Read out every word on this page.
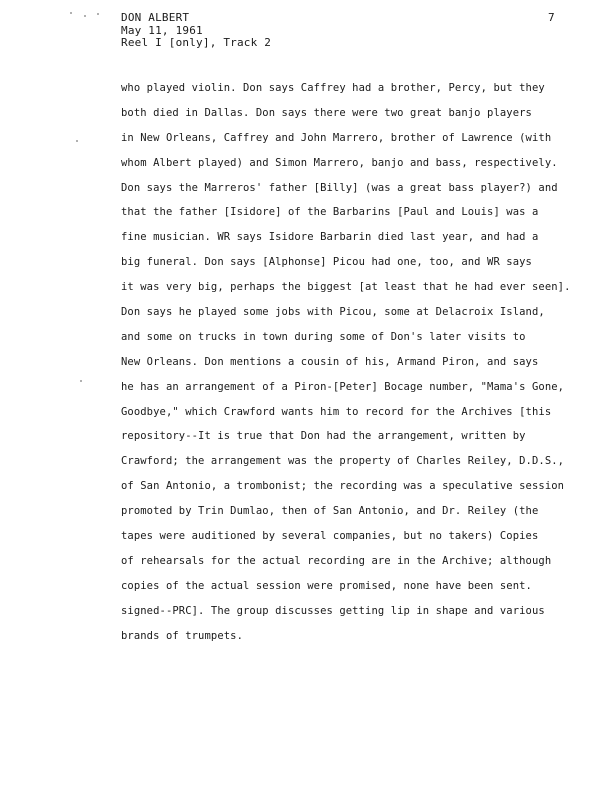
DON ALBERT
May 11, 1961
Reel I [only], Track 2
7
who played violin. Don says Caffrey had a brother, Percy, but they
both died in Dallas. Don says there were two great banjo players
in New Orleans, Caffrey and John Marrero, brother of Lawrence (with
whom Albert played) and Simon Marrero, banjo and bass, respectively.
Don says the Marreros' father [Billy] (was a great bass player?) and
that the father [Isidore] of the Barbarins [Paul and Louis] was a
fine musician. WR says Isidore Barbarin died last year, and had a
big funeral. Don says [Alphonse] Picou had one, too, and WR says
it was very big, perhaps the biggest [at least that he had ever seen].
Don says he played some jobs with Picou, some at Delacroix Island,
and some on trucks in town during some of Don's later visits to
New Orleans. Don mentions a cousin of his, Armand Piron, and says
he has an arrangement of a Piron-[Peter] Bocage number, "Mama's Gone,
Goodbye," which Crawford wants him to record for the Archives [this
repository--It is true that Don had the arrangement, written by
Crawford; the arrangement was the property of Charles Reiley, D.D.S.,
of San Antonio, a trombonist; the recording was a speculative session
promoted by Trin Dumlao, then of San Antonio, and Dr. Reiley (the
tapes were auditioned by several companies, but no takers) Copies
of rehearsals for the actual recording are in the Archive; although
copies of the actual session were promised, none have been sent.
signed--PRC]. The group discusses getting lip in shape and various
brands of trumpets.
